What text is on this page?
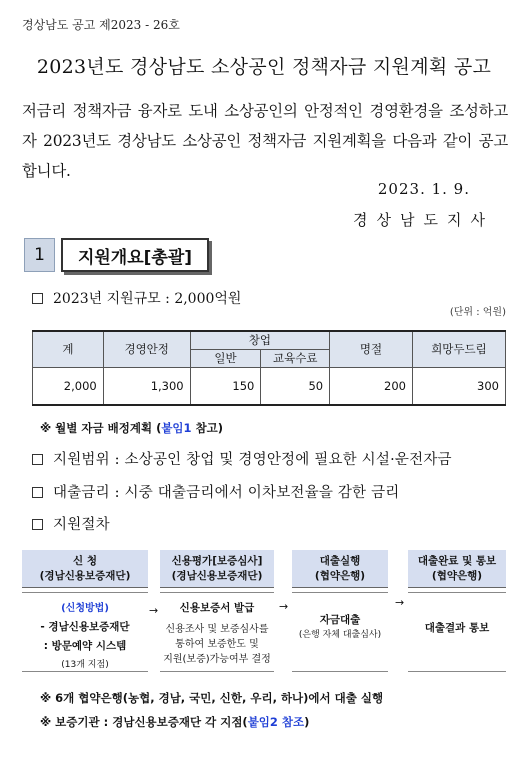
경상남도 공고 제2023 - 26호
2023년도 경상남도 소상공인 정책자금 지원계획 공고
저금리 정책자금 융자로 도내 소상공인의 안정적인 경영환경을 조성하고자 2023년도 경상남도 소상공인 정책자금 지원계획을 다음과 같이 공고합니다.
2023. 1. 9.
경상남도지사
1	지원개요[총괄]
2023년 지원규모 : 2,000억원
(단위 : 억원)
계	경영안정	창업		명절	희망두드림
		일반	교육수료		
2,000	1,300	150	50	200	300
※ 월별 자금 배정계획 (붙임1 참고)
지원범위 : 소상공인 창업 및 경영안정에 필요한 시설·운전자금
대출금리 : 시중 대출금리에서 이차보전율을 감한 금리
지원절차
신 청
(경남신용보증재단)
신용평가[보증심사]
(경남신용보증재단)
대출실행
(협약은행)
대출완료 및 통보
(협약은행)
(신청방법)
- 경남신용보증재단
: 방문예약 시스템
(13개 지점)
신용보증서 발급
신용조사 및 보증심사를
통하여 보증한도 및
지원(보증)가능여부 결정
자금대출
(은행 자체 대출심사)
대출결과 통보
→	→	→
※ 6개 협약은행(농협, 경남, 국민, 신한, 우리, 하나)에서 대출 실행
※ 보증기관 : 경남신용보증재단 각 지점(붙임2 참조)
